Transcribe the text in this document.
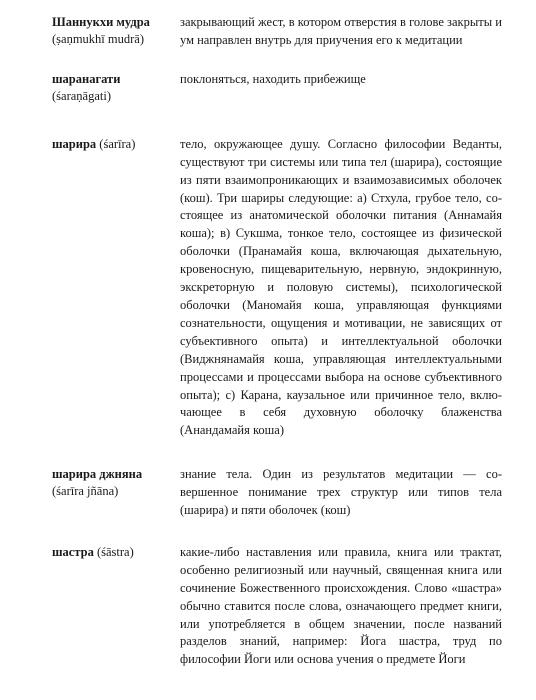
Шаннукхи мудра
(ṣaṇmukhī mudrā)
закрывающий жест, в котором отверстия в голове закрыты и ум направлен внутрь для приучения его к медитации
шаранагати
(śaraṇāgati)
поклоняться, находить прибежище
шарира (śarīra)	тело, окружающее душу. Согласно философии Веданты, существуют три системы или типа тел (шарира), состоящие из пяти взаимопроникающих и взаимозависимых оболочек (кош). Три шариры следующие: а) Стхула, грубое тело, состоящее из анатомической оболочки питания (Аннамайя коша); в) Сукшма, тонкое тело, состоящее из физической оболочки (Пранамайя коша, включающая дыхательную, кровеносную, пищеварительную, нервную, эндокринную, экскреторную и половую системы), психологической оболочки (Маномайя коша, управляющая функциями сознательности, ощущения и мотивации, не зависящих от субъективного опыта) и интеллектуальной оболочки (Виджнянамайя коша, управляющая интеллектуальными процессами и процессами выбора на основе субъективного опыта); с) Карана, каузальное или причинное тело, включающее в себя духовную оболочку блаженства (Анандамайя коша)
шарира джняна
(śarīra jñāna)
знание тела. Один из результатов медитации — совершенное понимание трех структур или типов тела (шарира) и пяти оболочек (кош)
шастра (śāstra)	какие-либо наставления или правила, книга или трактат, особенно религиозный или научный, священная книга или сочинение Божественного происхождения. Слово «шастра» обычно ставится после слова, означающего предмет книги, или употребляется в общем значении, после названий разделов знаний, например: Йога шастра, труд по философии Йоги или основа учения о предмете Йоги
